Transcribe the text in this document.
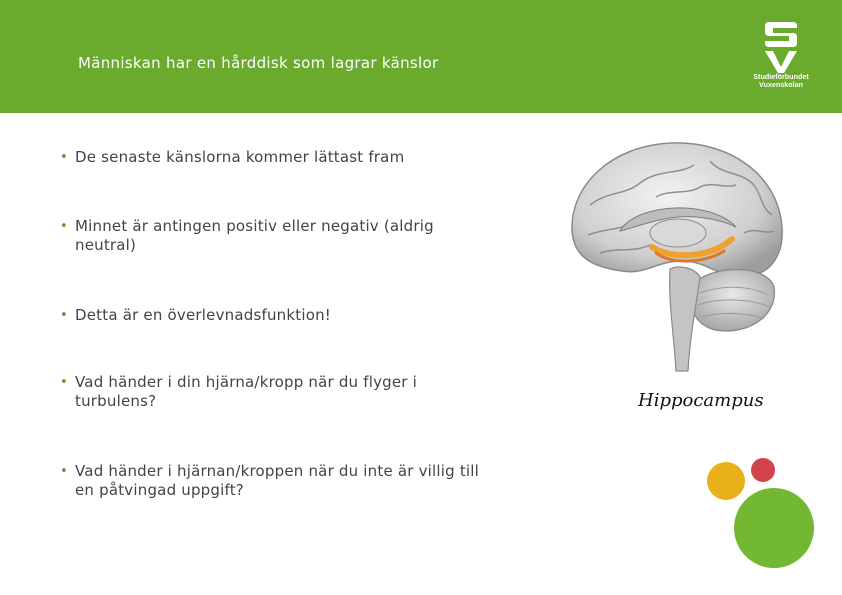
Människan har en hårddisk som lagrar känslor
Studieförbundet
Vuxenskolan
• De senaste känslorna kommer lättast fram
• Minnet är antingen positiv eller negativ (aldrig neutral)
• Detta är en överlevnadsfunktion!
• Vad händer i din hjärna/kropp när du flyger i turbulens?
• Vad händer i hjärnan/kroppen när du inte är villig till en påtvingad uppgift?
Hippocampus
